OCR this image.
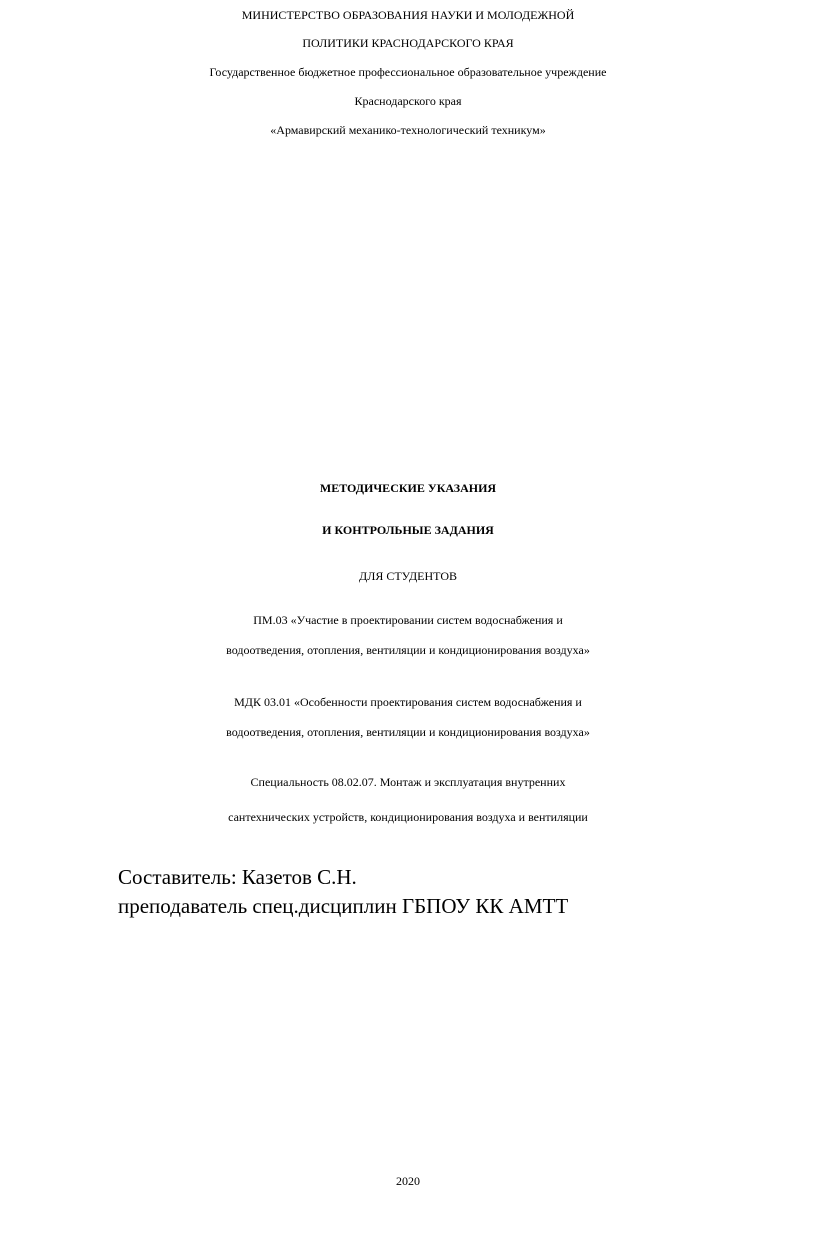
МИНИСТЕРСТВО ОБРАЗОВАНИЯ НАУКИ И МОЛОДЕЖНОЙ
ПОЛИТИКИ КРАСНОДАРСКОГО КРАЯ
Государственное бюджетное профессиональное образовательное учреждение
Краснодарского края
«Армавирский механико-технологический техникум»
МЕТОДИЧЕСКИЕ УКАЗАНИЯ
И КОНТРОЛЬНЫЕ ЗАДАНИЯ
ДЛЯ СТУДЕНТОВ
ПМ.03 «Участие в проектировании систем водоснабжения и
водоотведения, отопления, вентиляции и кондиционирования воздуха»
МДК 03.01 «Особенности проектирования систем водоснабжения и
водоотведения, отопления, вентиляции и кондиционирования воздуха»
Специальность 08.02.07. Монтаж и эксплуатация внутренних
сантехнических устройств, кондиционирования воздуха и вентиляции
Составитель: Казетов С.Н.
преподаватель спец.дисциплин ГБПОУ КК АМТТ
2020
